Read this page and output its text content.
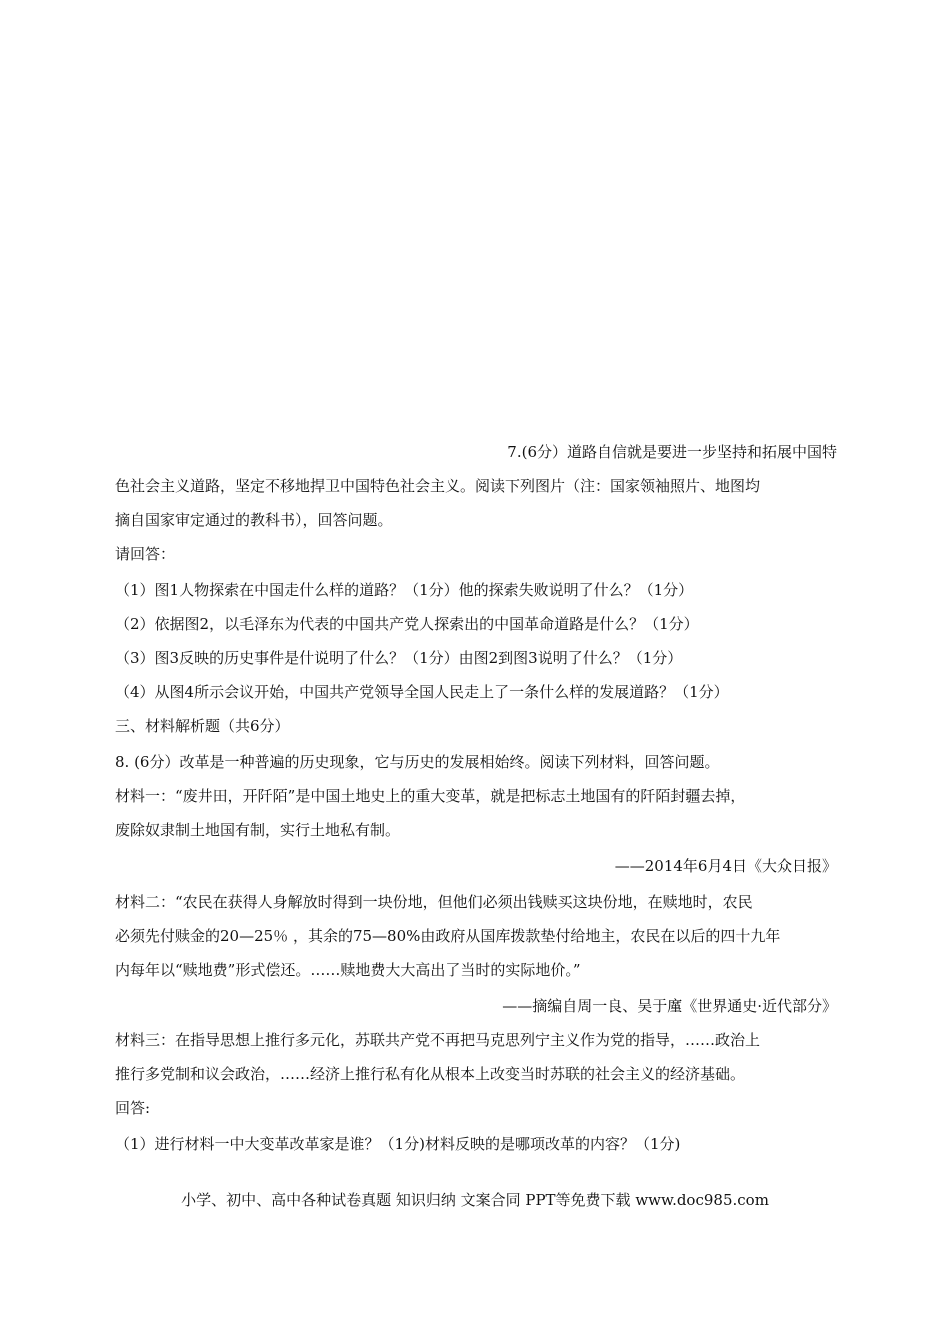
7.(6分）道路自信就是要进一步坚持和拓展中国特
色社会主义道路，坚定不移地捍卫中国特色社会主义。阅读下列图片（注：国家领袖照片、地图均
摘自国家审定通过的教科书），回答问题。
请回答：
（1）图1人物探索在中国走什么样的道路？（1分）他的探索失败说明了什么？（1分）
（2）依据图2，以毛泽东为代表的中国共产党人探索出的中国革命道路是什么？（1分）
（3）图3反映的历史事件是什说明了什么？（1分）由图2到图3说明了什么？（1分）
（4）从图4所示会议开始，中国共产党领导全国人民走上了一条什么样的发展道路？（1分）
三、材料解析题（共6分）
8. (6分）改革是一种普遍的历史现象，它与历史的发展相始终。阅读下列材料，回答问题。
材料一：“废井田，开阡陌”是中国土地史上的重大变革，就是把标志土地国有的阡陌封疆去掉，
废除奴隶制土地国有制，实行土地私有制。
——2014年6月4日《大众日报》
材料二：“农民在获得人身解放时得到一块份地，但他们必须出钱赎买这块份地，在赎地时，农民
必须先付赎金的20—25％ ，其余的75—80%由政府从国库拨款垫付给地主，农民在以后的四十九年
内每年以“赎地费”形式偿还。……赎地费大大高出了当时的实际地价。”
——摘编自周一良、吴于廑《世界通史·近代部分》
材料三：在指导思想上推行多元化，苏联共产党不再把马克思列宁主义作为党的指导，……政治上
推行多党制和议会政治，……经济上推行私有化从根本上改变当时苏联的社会主义的经济基础。
回答:
（1）进行材料一中大变革改革家是谁？（1分)材料反映的是哪项改革的内容？（1分)
小学、初中、高中各种试卷真题 知识归纳 文案合同 PPT等免费下载 www.doc985.com
